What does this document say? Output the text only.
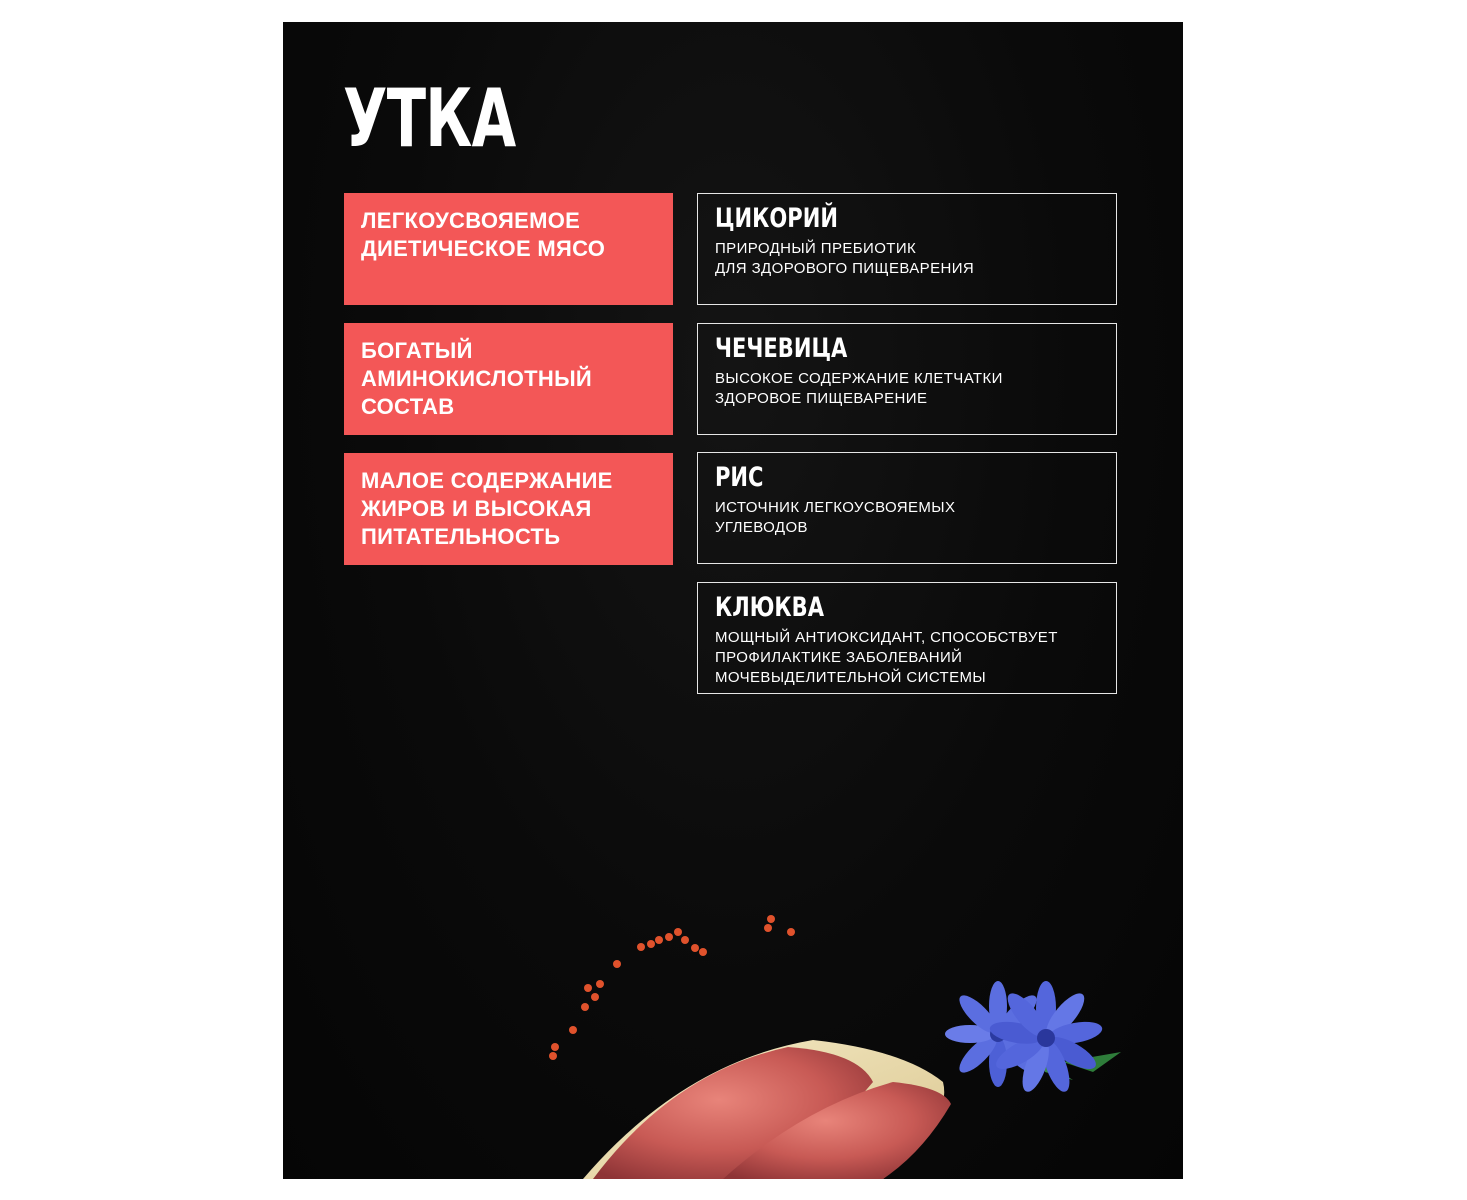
УТКА
ЛЕГКОУСВОЯЕМОЕ ДИЕТИЧЕСКОЕ МЯСО
БОГАТЫЙ АМИНОКИСЛОТНЫЙ СОСТАВ
МАЛОЕ СОДЕРЖАНИЕ ЖИРОВ И ВЫСОКАЯ ПИТАТЕЛЬНОСТЬ
ЦИКОРИЙ
ПРИРОДНЫЙ ПРЕБИОТИК
ДЛЯ ЗДОРОВОГО ПИЩЕВАРЕНИЯ
ЧЕЧЕВИЦА
ВЫСОКОЕ СОДЕРЖАНИЕ КЛЕТЧАТКИ
ЗДОРОВОЕ ПИЩЕВАРЕНИЕ
РИС
ИСТОЧНИК ЛЕГКОУСВОЯЕМЫХ
УГЛЕВОДОВ
КЛЮКВА
МОЩНЫЙ АНТИОКСИДАНТ, СПОСОБСТВУЕТ
ПРОФИЛАКТИКЕ ЗАБОЛЕВАНИЙ
МОЧЕВЫДЕЛИТЕЛЬНОЙ СИСТЕМЫ
